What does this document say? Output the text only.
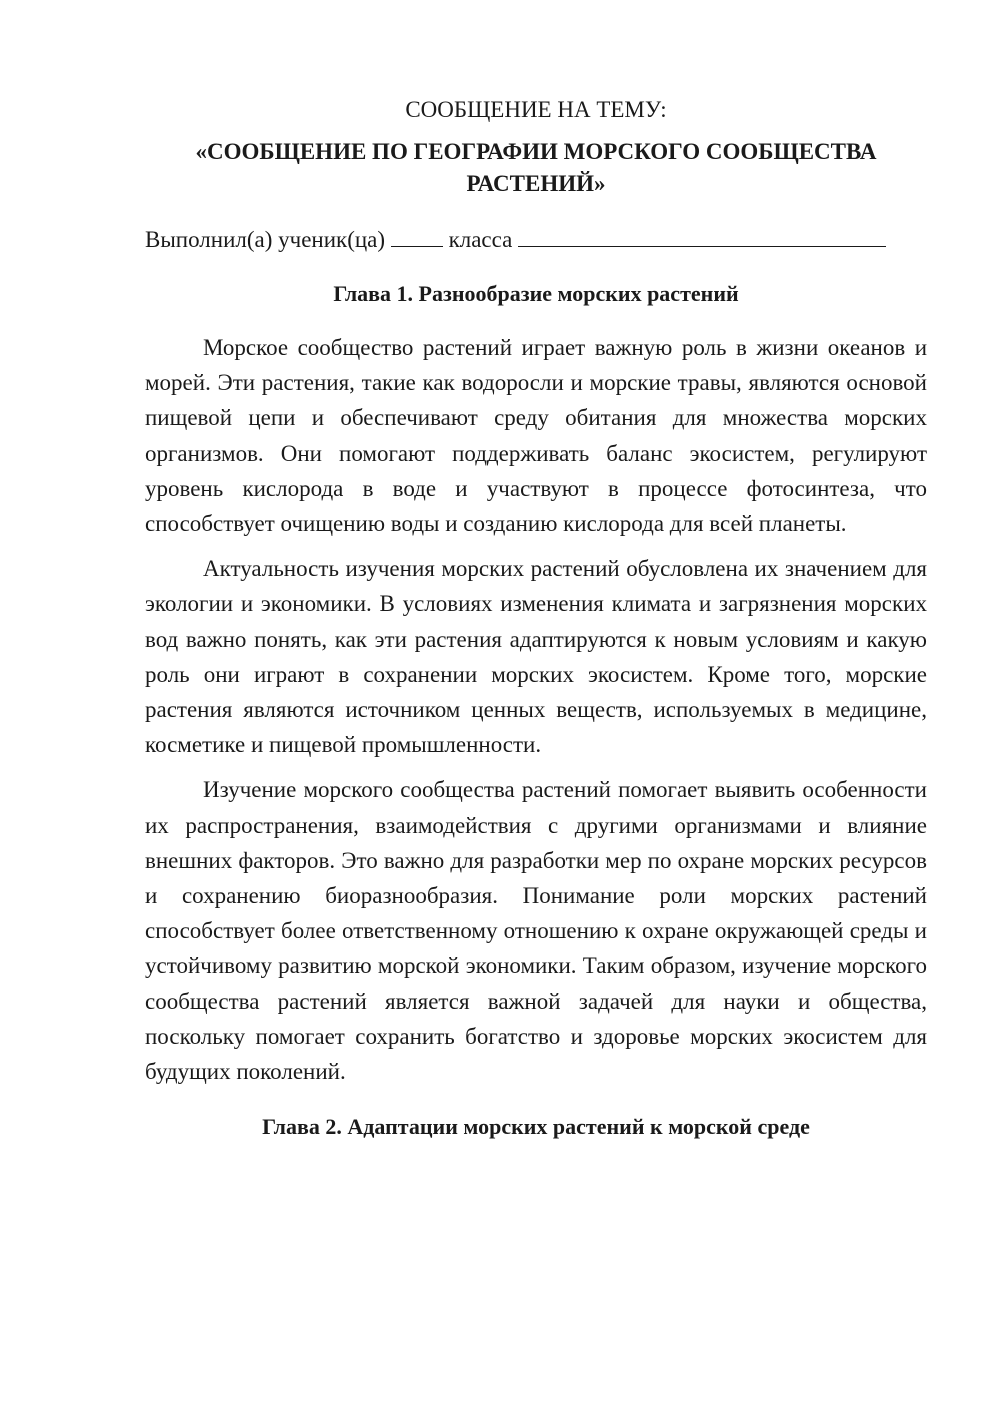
СООБЩЕНИЕ НА ТЕМУ:

«СООБЩЕНИЕ ПО ГЕОГРАФИИ МОРСКОГО СООБЩЕСТВА
РАСТЕНИЙ»

Выполнил(а) ученик(ца)	класса

Глава 1. Разнообразие морских растений

Морское сообщество растений играет важную роль в жизни океанов и морей. Эти растения, такие как водоросли и морские травы, являются основой пищевой цепи и обеспечивают среду обитания для множества морских организмов. Они помогают поддерживать баланс экосистем, регулируют уровень кислорода в воде и участвуют в процессе фотосинтеза, что способствует очищению воды и созданию кислорода для всей планеты.

Актуальность изучения морских растений обусловлена их значением для экологии и экономики. В условиях изменения климата и загрязнения морских вод важно понять, как эти растения адаптируются к новым условиям и какую роль они играют в сохранении морских экосистем. Кроме того, морские растения являются источником ценных веществ, используемых в медицине, косметике и пищевой промышленности.

Изучение морского сообщества растений помогает выявить особенности их распространения, взаимодействия с другими организмами и влияние внешних факторов. Это важно для разработки мер по охране морских ресурсов и сохранению биоразнообразия. Понимание роли морских растений способствует более ответственному отношению к охране окружающей среды и устойчивому развитию морской экономики. Таким образом, изучение морского сообщества растений является важной задачей для науки и общества, поскольку помогает сохранить богатство и здоровье морских экосистем для будущих поколений.

Глава 2. Адаптации морских растений к морской среде
